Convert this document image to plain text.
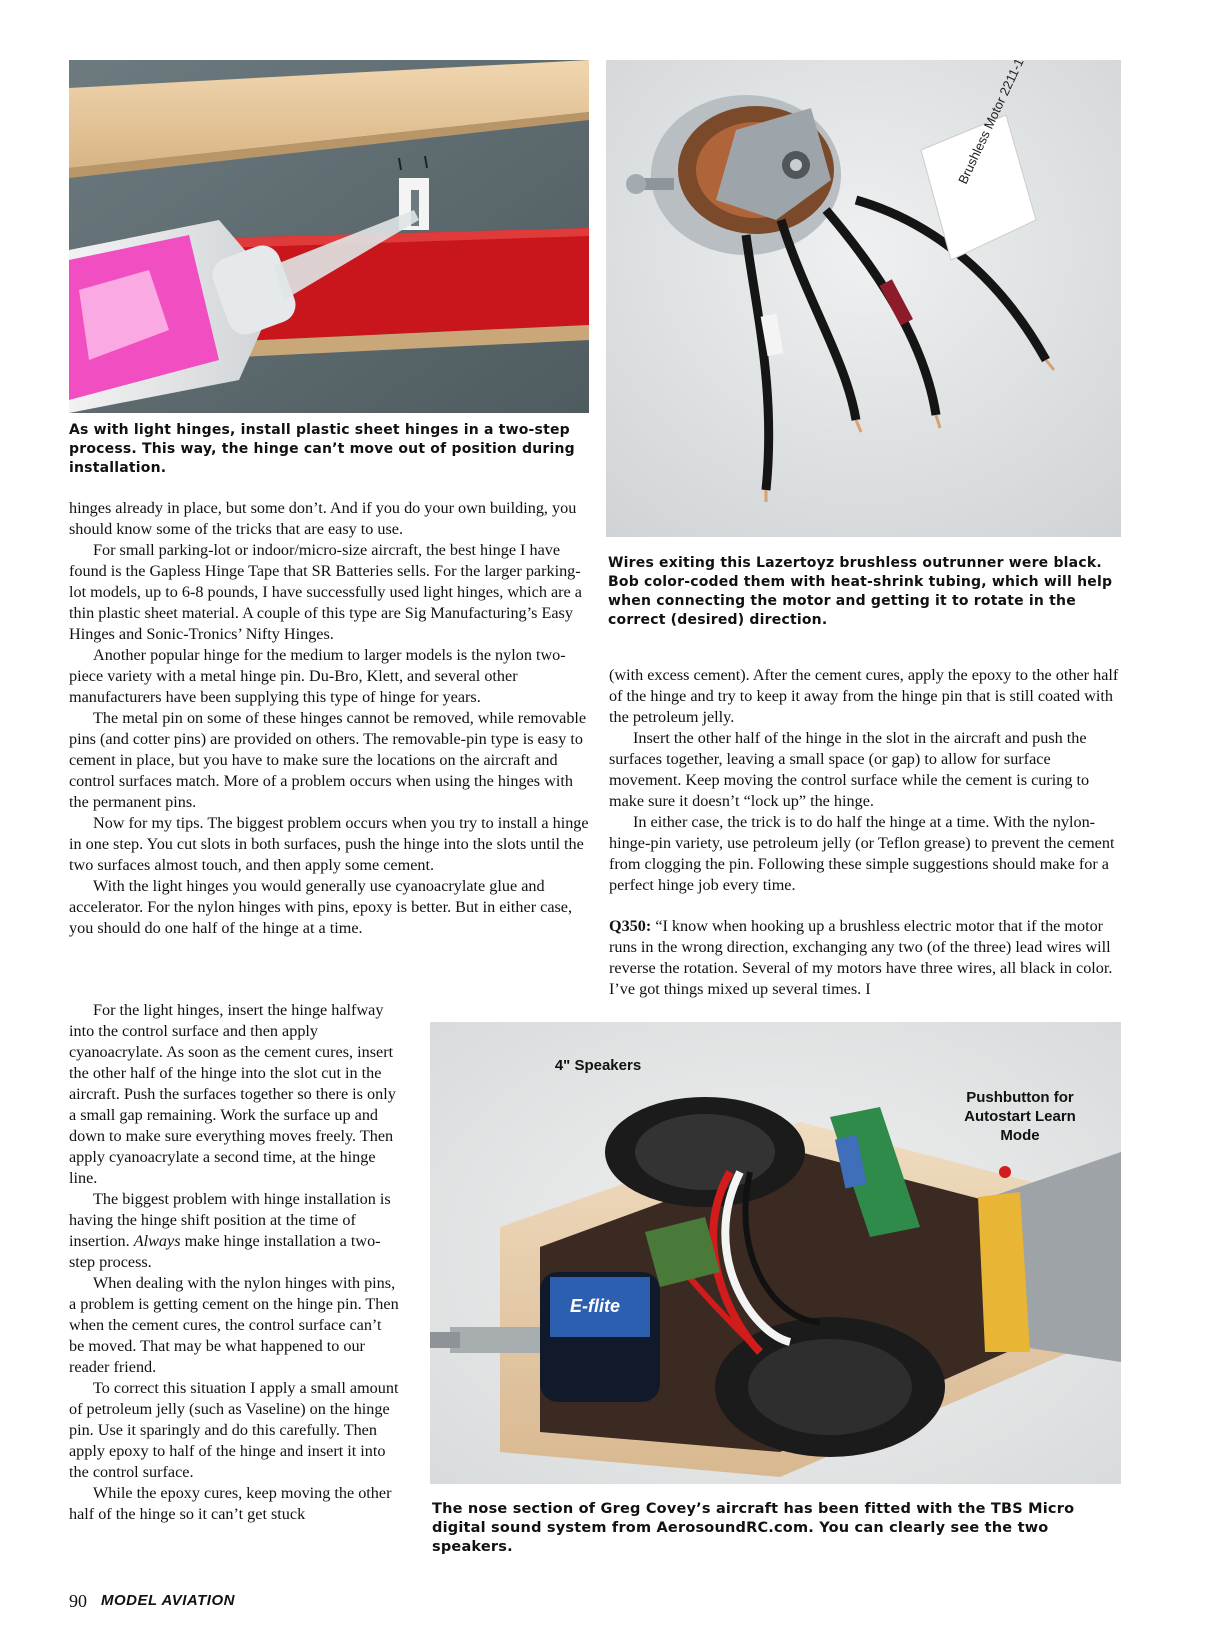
As with light hinges, install plastic sheet hinges in a two-step process. This way, the hinge can’t move out of position during installation.
Wires exiting this Lazertoyz brushless outrunner were black. Bob color-coded them with heat-shrink tubing, which will help when connecting the motor and getting it to rotate in the correct (desired) direction.

hinges already in place, but some don’t. And if you do your own building, you should know some of the tricks that are easy to use.

For small parking-lot or indoor/micro-size aircraft, the best hinge I have found is the Gapless Hinge Tape that SR Batteries sells. For the larger parking-lot models, up to 6-8 pounds, I have successfully used light hinges, which are a thin plastic sheet material. A couple of this type are Sig Manufacturing’s Easy Hinges and Sonic-Tronics’ Nifty Hinges.

Another popular hinge for the medium to larger models is the nylon two-piece variety with a metal hinge pin. Du-Bro, Klett, and several other manufacturers have been supplying this type of hinge for years.

The metal pin on some of these hinges cannot be removed, while removable pins (and cotter pins) are provided on others. The removable-pin type is easy to cement in place, but you have to make sure the locations on the aircraft and control surfaces match. More of a problem occurs when using the hinges with the permanent pins.

Now for my tips. The biggest problem occurs when you try to install a hinge in one step. You cut slots in both surfaces, push the hinge into the slots until the two surfaces almost touch, and then apply some cement.

With the light hinges you would generally use cyanoacrylate glue and accelerator. For the nylon hinges with pins, epoxy is better. But in either case, you should do one half of the hinge at a time.

For the light hinges, insert the hinge halfway into the control surface and then apply cyanoacrylate. As soon as the cement cures, insert the other half of the hinge into the slot cut in the aircraft. Push the surfaces together so there is only a small gap remaining. Work the surface up and down to make sure everything moves freely. Then apply cyanoacrylate a second time, at the hinge line.

The biggest problem with hinge installation is having the hinge shift position at the time of insertion. Always make hinge installation a two-step process.

When dealing with the nylon hinges with pins, a problem is getting cement on the hinge pin. Then when the cement cures, the control surface can’t be moved. That may be what happened to our reader friend.

To correct this situation I apply a small amount of petroleum jelly (such as Vaseline) on the hinge pin. Use it sparingly and do this carefully. Then apply epoxy to half of the hinge and insert it into the control surface.

While the epoxy cures, keep moving the other half of the hinge so it can’t get stuck

(with excess cement). After the cement cures, apply the epoxy to the other half of the hinge and try to keep it away from the hinge pin that is still coated with the petroleum jelly.

Insert the other half of the hinge in the slot in the aircraft and push the surfaces together, leaving a small space (or gap) to allow for surface movement. Keep moving the control surface while the cement is curing to make sure it doesn’t “lock up” the hinge.

In either case, the trick is to do half the hinge at a time. With the nylon-hinge-pin variety, use petroleum jelly (or Teflon grease) to prevent the cement from clogging the pin. Following these simple suggestions should make for a perfect hinge job every time.

Q350: “I know when hooking up a brushless electric motor that if the motor runs in the wrong direction, exchanging any two (of the three) lead wires will reverse the rotation. Several of my motors have three wires, all black in color. I’ve got things mixed up several times. I

E-flite
4" Speakers
Pushbutton for Autostart Learn Mode
The nose section of Greg Covey’s aircraft has been fitted with the TBS Micro digital sound system from AerosoundRC.com. You can clearly see the two speakers.
90 MODEL AVIATION
